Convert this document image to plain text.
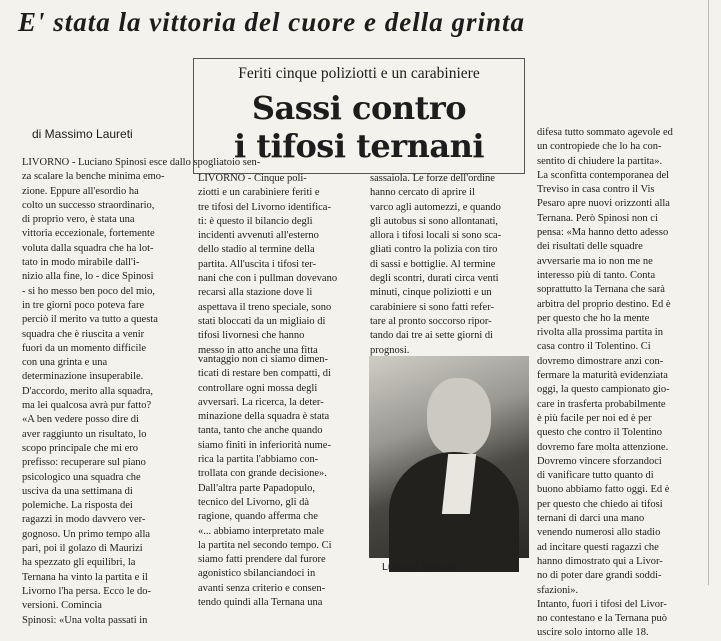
E' stata la vittoria del cuore e della grinta
Feriti cinque poliziotti e un carabiniere
Sassi contro
i tifosi ternani
di Massimo Laureti
LIVORNO - Luciano Spinosi esce dallo spogliatoio sen-
za scalare la benche minima emo-
zione. Eppure all'esordio ha
colto un successo straordinario,
di proprio vero, è stata una
vittoria eccezionale, fortemente
voluta dalla squadra che ha lot-
tato in modo mirabile dall'i-
nizio alla fine, lo - dice Spinosi
- si ho messo ben poco del mio,
in tre giorni poco poteva fare
perciò il merito va tutto a questa
squadra che è riuscita a venir
fuori da un momento difficile
con una grinta e una
determinazione insuperabile.
D'accordo, merito alla squadra,
ma lei qualcosa avrà pur fatto?
«A ben vedere posso dire di
aver raggiunto un risultato, lo
scopo principale che mi ero
prefisso: recuperare sul piano
psicologico una squadra che
usciva da una settimana di
polemiche. La risposta dei
ragazzi in modo davvero ver-
gognoso. Un primo tempo alla
pari, poi il golazo di Maurizi
ha spezzato gli equilibri, la
Ternana ha vinto la partita e il
Livorno l'ha persa. Ecco le do-
versioni. Comincia
Spinosi: «Una volta passati in
LIVORNO - Cinque poli-
ziotti e un carabiniere feriti e
tre tifosi del Livorno identifica-
ti: è questo il bilancio degli
incidenti avvenuti all'esterno
dello stadio al termine della
partita. All'uscita i tifosi ter-
nani che con i pullman dovevano
recarsi alla stazione dove li
aspettava il treno speciale, sono
stati bloccati da un migliaio di
tifosi livornesi che hanno
messo in atto anche una fitta
sassaiola. Le forze dell'ordine
hanno cercato di aprire il
varco agli automezzi, e quando
gli autobus si sono allontanati,
allora i tifosi locali si sono sca-
gliati contro la polizia con tiro
di sassi e bottiglie. Al termine
degli scontri, durati circa venti
minuti, cinque poliziotti e un
carabiniere si sono fatti refer-
tare al pronto soccorso ripor-
tando dai tre ai sette giorni di
prognosi.
vantaggio non ci siamo dimen-
ticati di restare ben compatti, di
controllare ogni mossa degli
avversari. La ricerca, la deter-
minazione della squadra è stata
tanta, tanto che anche quando
siamo finiti in inferiorità nume-
rica la partita l'abbiamo con-
trollata con grande decisione».
Dall'altra parte Papadopulo,
tecnico del Livorno, gli dà
ragione, quando afferma che
«... abbiamo interpretato male
la partita nel secondo tempo. Ci
siamo fatti prendere dal furore
agonistico sbilanciandoci in
avanti senza criterio e consen-
tendo quindi alla Ternana una
difesa tutto sommato agevole ed
un contropiede che lo ha con-
sentito di chiudere la partita».
La sconfitta contemporanea del
Treviso in casa contro il Vis
Pesaro apre nuovi orizzonti alla
Ternana. Però Spinosi non ci
pensa: «Ma hanno detto adesso
dei risultati delle squadre
avversarie ma io non me ne
interesso più di tanto. Conta
soprattutto la Ternana che sarà
arbitra del proprio destino. Ed è
per questo che ho la mente
rivolta alla prossima partita in
casa contro il Tolentino. Ci
dovremo dimostrare anzi con-
fermare la maturità evidenziata
oggi, la questo campionato gio-
care in trasferta probabilmente
è più facile per noi ed è per
questo che contro il Tolentino
dovremo fare molta attenzione.
Dovremo vincere sforzandoci
di vanificare tutto quanto di
buono abbiamo fatto oggi. Ed è
per questo che chiedo ai tifosi
ternani di darci una mano
venendo numerosi allo stadio
ad incitare questi ragazzi che
hanno dimostrato qui a Livor-
no di poter dare grandi soddi-
sfazioni».
Intanto, fuori i tifosi del Livor-
no contestano e la Ternana può
uscire solo intorno alle 18.
Luciano Spinosi
